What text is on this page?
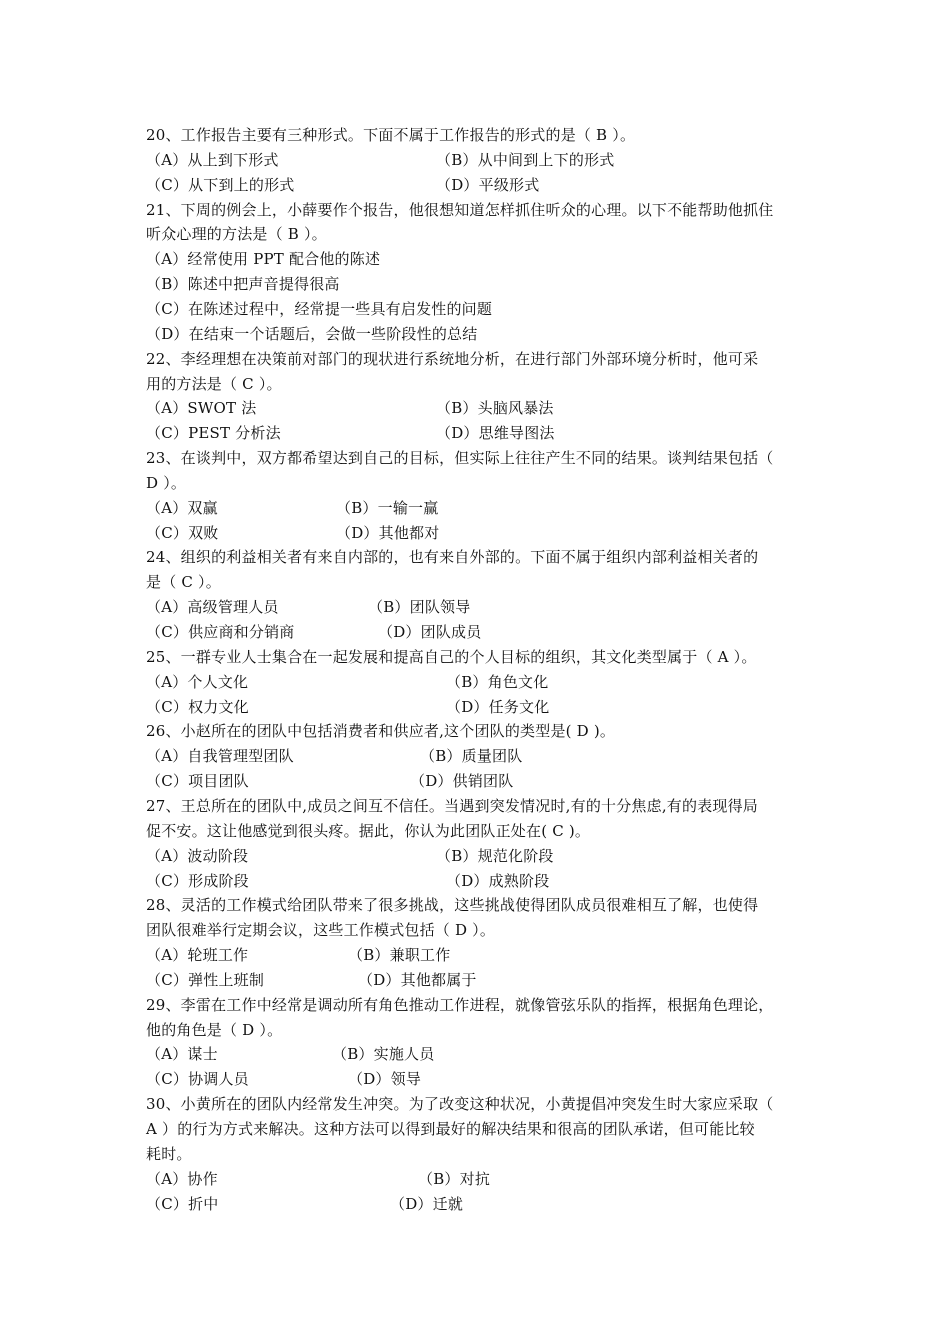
20、工作报告主要有三种形式。下面不属于工作报告的形式的是（ B ）。
（A）从上到下形式	（B）从中间到上下的形式
（C）从下到上的形式	（D）平级形式
21、下周的例会上，小薛要作个报告，他很想知道怎样抓住听众的心理。以下不能帮助他抓住
听众心理的方法是（ B ）。
（A）经常使用 PPT 配合他的陈述
（B）陈述中把声音提得很高
（C）在陈述过程中，经常提一些具有启发性的问题
（D）在结束一个话题后，会做一些阶段性的总结
22、李经理想在决策前对部门的现状进行系统地分析，在进行部门外部环境分析时，他可采
用的方法是（ C ）。
（A）SWOT 法	（B）头脑风暴法
（C）PEST 分析法	（D）思维导图法
23、在谈判中，双方都希望达到自己的目标，但实际上往往产生不同的结果。谈判结果包括（
D ）。
（A）双赢	（B）一输一赢
（C）双败	（D）其他都对
24、组织的利益相关者有来自内部的，也有来自外部的。下面不属于组织内部利益相关者的
是（ C ）。
（A）高级管理人员	（B）团队领导
（C）供应商和分销商	（D）团队成员
25、一群专业人士集合在一起发展和提高自己的个人目标的组织，其文化类型属于（ A ）。
（A）个人文化	（B）角色文化
（C）权力文化	（D）任务文化
26、小赵所在的团队中包括消费者和供应者,这个团队的类型是( D )。
（A）自我管理型团队	（B）质量团队
（C）项目团队	（D）供销团队
27、王总所在的团队中,成员之间互不信任。当遇到突发情况时,有的十分焦虑,有的表现得局
促不安。这让他感觉到很头疼。据此，你认为此团队正处在( C )。
（A）波动阶段	（B）规范化阶段
（C）形成阶段	（D）成熟阶段
28、灵活的工作模式给团队带来了很多挑战，这些挑战使得团队成员很难相互了解，也使得
团队很难举行定期会议，这些工作模式包括（ D ）。
（A）轮班工作	（B）兼职工作
（C）弹性上班制	（D）其他都属于
29、李雷在工作中经常是调动所有角色推动工作进程，就像管弦乐队的指挥，根据角色理论，
他的角色是（ D ）。
（A）谋士	（B）实施人员
（C）协调人员	（D）领导
30、小黄所在的团队内经常发生冲突。为了改变这种状况，小黄提倡冲突发生时大家应采取（
A ）的行为方式来解决。这种方法可以得到最好的解决结果和很高的团队承诺，但可能比较
耗时。
（A）协作	（B）对抗
（C）折中	（D）迁就
